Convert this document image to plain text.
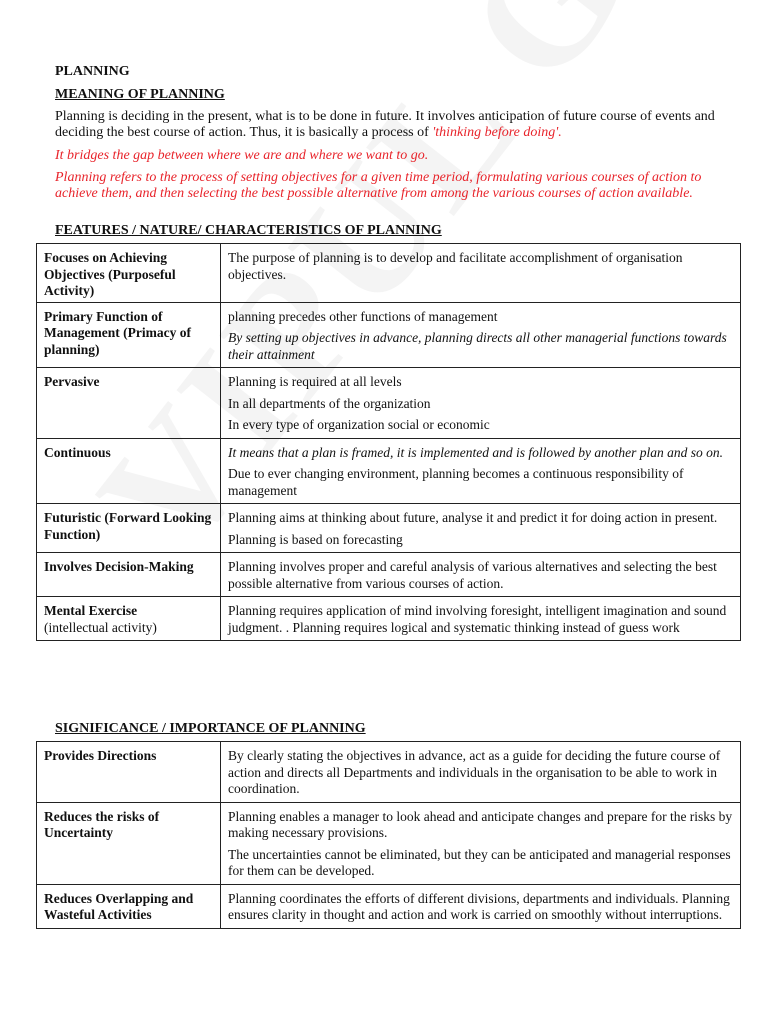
PLANNING
MEANING OF PLANNING
Planning is deciding in the present, what is to be done in future. It involves anticipation of future course of events and deciding the best course of action. Thus, it is basically a process of 'thinking before doing'.
It bridges the gap between where we are and where we want to go.
Planning refers to the process of setting objectives for a given time period, formulating various courses of action to achieve them, and then selecting the best possible alternative from among the various courses of action available.
FEATURES / NATURE/ CHARACTERISTICS OF PLANNING
Focuses on Achieving Objectives (Purposeful Activity)	The purpose of planning is to develop and facilitate accomplishment of organisation objectives.

Primary Function of Management (Primacy of planning)	planning precedes other functions of management

By setting up objectives in advance, planning directs all other managerial functions towards their attainment

Pervasive	Planning is required at all levels

In all departments of the organization

In every type of organization social or economic

Continuous	It means that a plan is framed, it is implemented and is followed by another plan and so on.

Due to ever changing environment, planning becomes a continuous responsibility of management

Futuristic (Forward Looking Function)	Planning aims at thinking about future, analyse it and predict it for doing action in present.

Planning is based on forecasting

Involves Decision-Making	Planning involves proper and careful analysis of various alternatives and selecting the best possible alternative from various courses of action.

Mental Exercise
(intellectual activity)	Planning requires application of mind involving foresight, intelligent imagination and sound judgment. . Planning requires logical and systematic thinking instead of guess work

SIGNIFICANCE / IMPORTANCE OF PLANNING
Provides Directions	By clearly stating the objectives in advance, act as a guide for deciding the future course of action and directs all Departments and individuals in the organisation to be able to work in coordination.

Reduces the risks of Uncertainty	Planning enables a manager to look ahead and anticipate changes and prepare for the risks by making necessary provisions.

The uncertainties cannot be eliminated, but they can be anticipated and managerial responses for them can be developed.

Reduces Overlapping and Wasteful Activities	Planning coordinates the efforts of different divisions, departments and individuals. Planning ensures clarity in thought and action and work is carried on smoothly without interruptions.
